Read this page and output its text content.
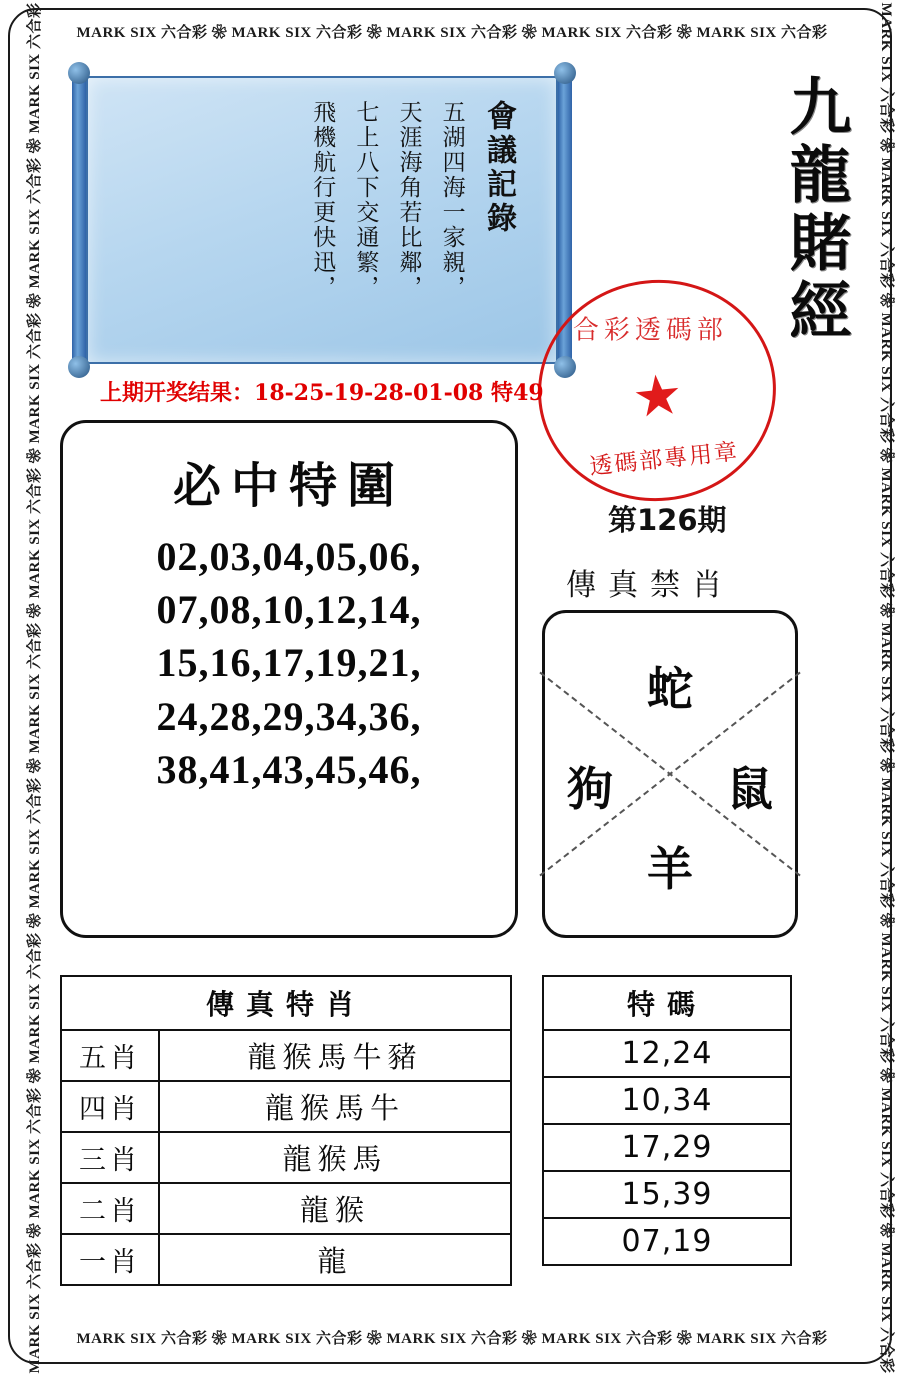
MARK SIX 六合彩 ❀ MARK SIX 六合彩 ❀ MARK SIX 六合彩 ❀ MARK SIX 六合彩 ❀ MARK SIX 六合彩
MARK SIX 六合彩 ❀ MARK SIX 六合彩 ❀ MARK SIX 六合彩 ❀ MARK SIX 六合彩 ❀ MARK SIX 六合彩
MARK SIX 六合彩 ❀ MARK SIX 六合彩 ❀ MARK SIX 六合彩 ❀ MARK SIX 六合彩 ❀ MARK SIX 六合彩 ❀ MARK SIX 六合彩 ❀ MARK SIX 六合彩 ❀ MARK SIX 六合彩 ❀ MARK SIX 六合彩	MARK SIX 六合彩 ❀ MARK SIX 六合彩 ❀ MARK SIX 六合彩 ❀ MARK SIX 六合彩 ❀ MARK SIX 六合彩 ❀ MARK SIX 六合彩 ❀ MARK SIX 六合彩 ❀ MARK SIX 六合彩 ❀ MARK SIX 六合彩
會議記錄
五湖四海一家親，
天涯海角若比鄰，
七上八下交通繁，
飛機航行更快迅，	九龍賭經
合彩透碼部
★
透碼部專用章
上期开奖结果：18-25-19-28-01-08 特49
第126期
傳真禁肖
必中特圍
02,03,04,05,06,
07,08,10,12,14,
15,16,17,19,21,
24,28,29,34,36,
38,41,43,45,46,
蛇
狗 鼠
羊
傳真特肖	
五肖	龍猴馬牛豬
四肖	龍猴馬牛
三肖	龍猴馬
二肖	龍猴
一肖	龍
特碼
12,24
10,34
17,29
15,39
07,19
